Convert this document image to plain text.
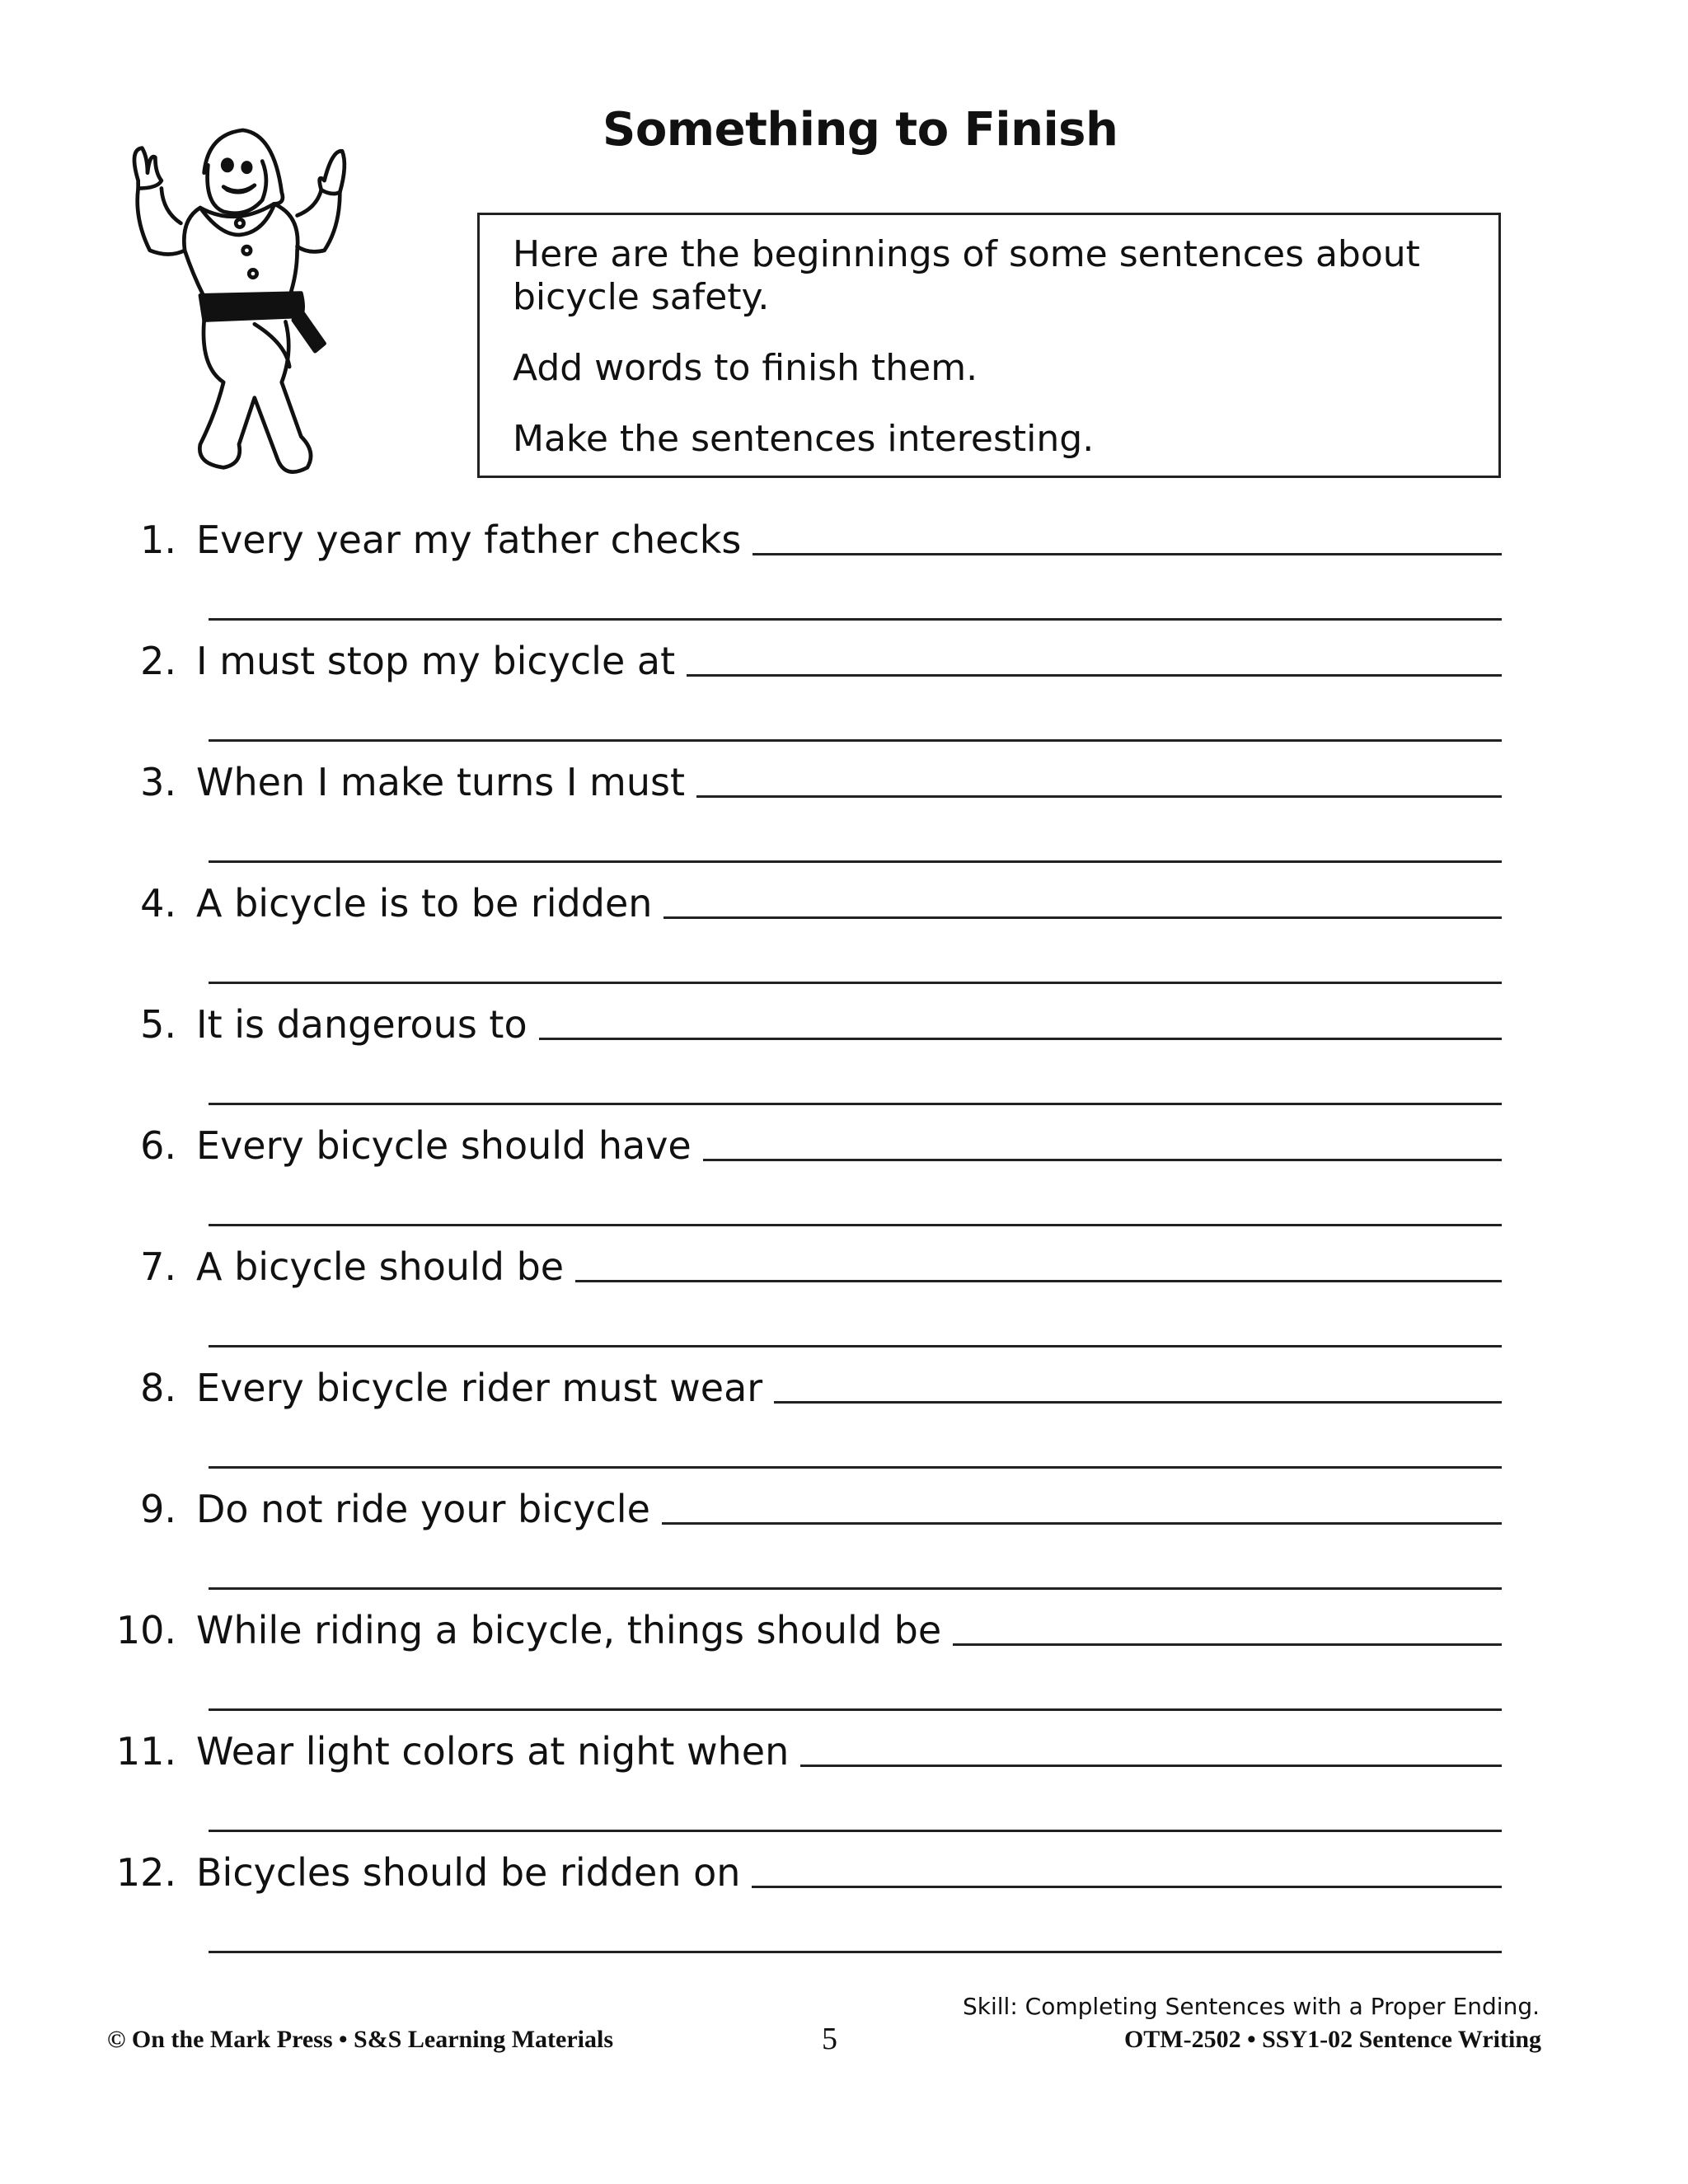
Something to Finish

Here are the beginnings of some sentences about bicycle safety.

Add words to finish them.

Make the sentences interesting.

1. Every year my father checks
2. I must stop my bicycle at
3. When I make turns I must
4. A bicycle is to be ridden
5. It is dangerous to
6. Every bicycle should have
7. A bicycle should be
8. Every bicycle rider must wear
9. Do not ride your bicycle
10. While riding a bicycle, things should be
11. Wear light colors at night when
12. Bicycles should be ridden on
Skill: Completing Sentences with a Proper Ending.
© On the Mark Press • S&S Learning Materials	5	OTM-2502 • SSY1-02 Sentence Writing
